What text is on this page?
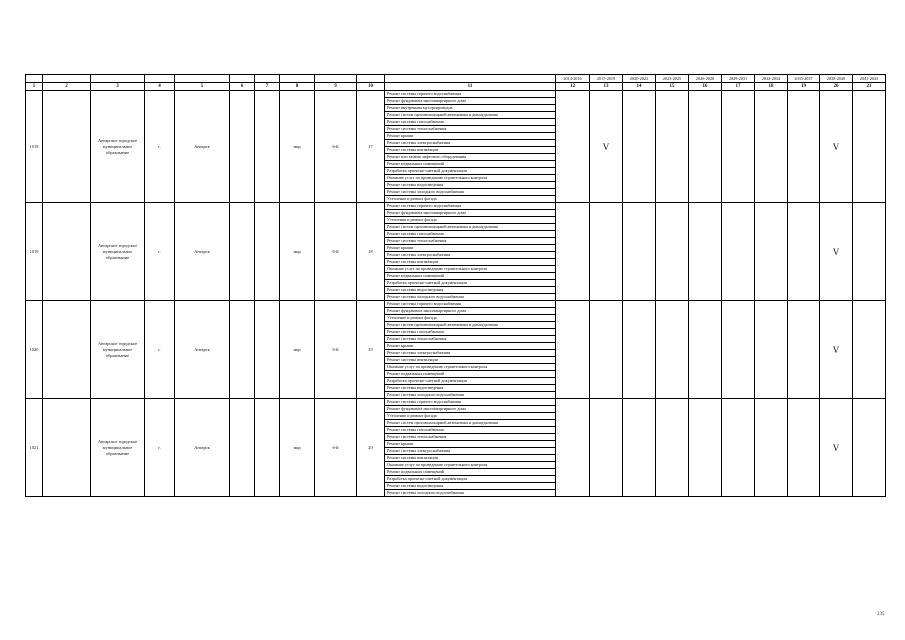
											2014-2016	2017-2019	2020-2022	2023-2025	2026-2028	2029-2031	2032-2034	2035-2037	2038-2040	2041-2043
1	2	3	4	5	6	7	8	9	10	11	12	13	14	15	16	17	18	19	20	21
1018		Ангарское городское муниципальное образование	г.	Ангарск			мкр	6-й	17	Ремонт системы горячего водоснабжения		V							V	
										Ремонт фундамента многоквартирного дома										
										Ремонт внутренних мусоропроводов										
										Ремонт систем противопожарной автоматики и дымоудаления										
										Ремонт системы газоснабжения										
										Ремонт системы теплоснабжения										
										Ремонт крыши										
										Ремонт системы электроснабжения										
										Ремонт системы вентиляции										
										Ремонт или замена лифтового оборудования										
										Ремонт подвальных помещений										
										Разработка проектно-сметной документации										
										Оказание услуг по проведению строительного контроля										
										Ремонт системы водоотведения										
										Ремонт системы холодного водоснабжения										
										Утепление и ремонт фасада										
1019		Ангарское городское муниципальное образование	г.	Ангарск			мкр	6-й	18	Ремонт системы горячего водоснабжения									V	
										Ремонт фундамента многоквартирного дома										
										Утепление и ремонт фасада										
										Ремонт систем противопожарной автоматики и дымоудаления										
										Ремонт системы газоснабжения										
										Ремонт системы теплоснабжения										
										Ремонт крыши										
										Ремонт системы электроснабжения										
										Ремонт системы вентиляции										
										Оказание услуг по проведению строительного контроля										
										Ремонт подвальных помещений										
										Разработка проектно-сметной документации										
										Ремонт системы водоотведения										
										Ремонт системы холодного водоснабжения										
1020		Ангарское городское муниципальное образование	г.	Ангарск			мкр	6-й	19	Ремонт системы горячего водоснабжения									V	
										Ремонт фундамента многоквартирного дома										
										Утепление и ремонт фасада										
										Ремонт систем противопожарной автоматики и дымоудаления										
										Ремонт системы газоснабжения										
										Ремонт системы теплоснабжения										
										Ремонт крыши										
										Ремонт системы электроснабжения										
										Ремонт системы вентиляции										
										Оказание услуг по проведению строительного контроля										
										Ремонт подвальных помещений										
										Разработка проектно-сметной документации										
										Ремонт системы водоотведения										
										Ремонт системы холодного водоснабжения										
1021		Ангарское городское муниципальное образование	г.	Ангарск			мкр	6-й	20	Ремонт системы горячего водоснабжения									V	
										Ремонт фундамента многоквартирного дома										
										Утепление и ремонт фасада										
										Ремонт систем противопожарной автоматики и дымоудаления										
										Ремонт системы газоснабжения										
										Ремонт системы теплоснабжения										
										Ремонт крыши										
										Ремонт системы электроснабжения										
										Ремонт системы вентиляции										
										Оказание услуг по проведению строительного контроля										
										Ремонт подвальных помещений										
										Разработка проектно-сметной документации										
										Ремонт системы водоотведения										
										Ремонт системы холодного водоснабжения										
235
